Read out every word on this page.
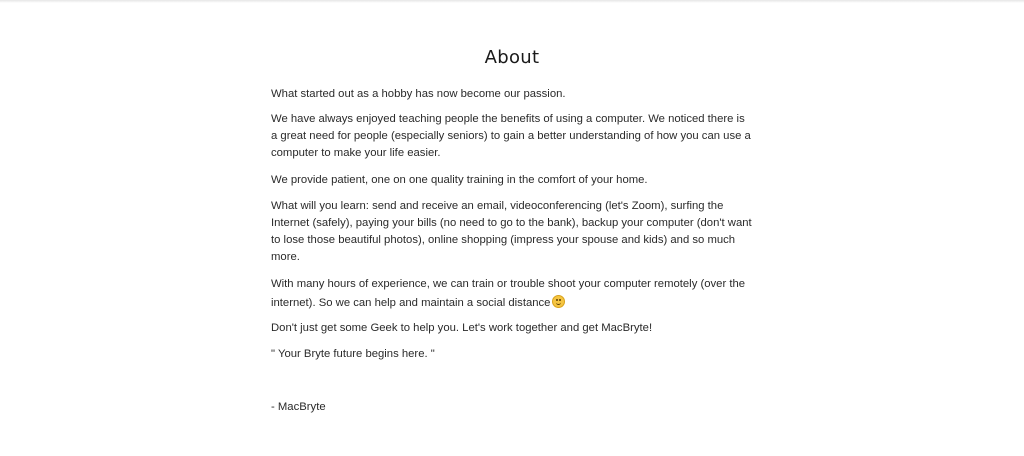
About

What started out as a hobby has now become our passion.

We have always enjoyed teaching people the benefits of using a computer. We noticed there is a great need for people (especially seniors) to gain a better understanding of how you can use a computer to make your life easier.

We provide patient, one on one quality training in the comfort of your home.

What will you learn: send and receive an email, videoconferencing (let's Zoom), surfing the Internet (safely), paying your bills (no need to go to the bank), backup your computer (don't want to lose those beautiful photos), online shopping (impress your spouse and kids) and so much more.

With many hours of experience, we can train or trouble shoot your computer remotely (over the internet). So we can help and maintain a social distance

Don't just get some Geek to help you. Let's work together and get MacBryte!

" Your Bryte future begins here. "

- MacBryte
